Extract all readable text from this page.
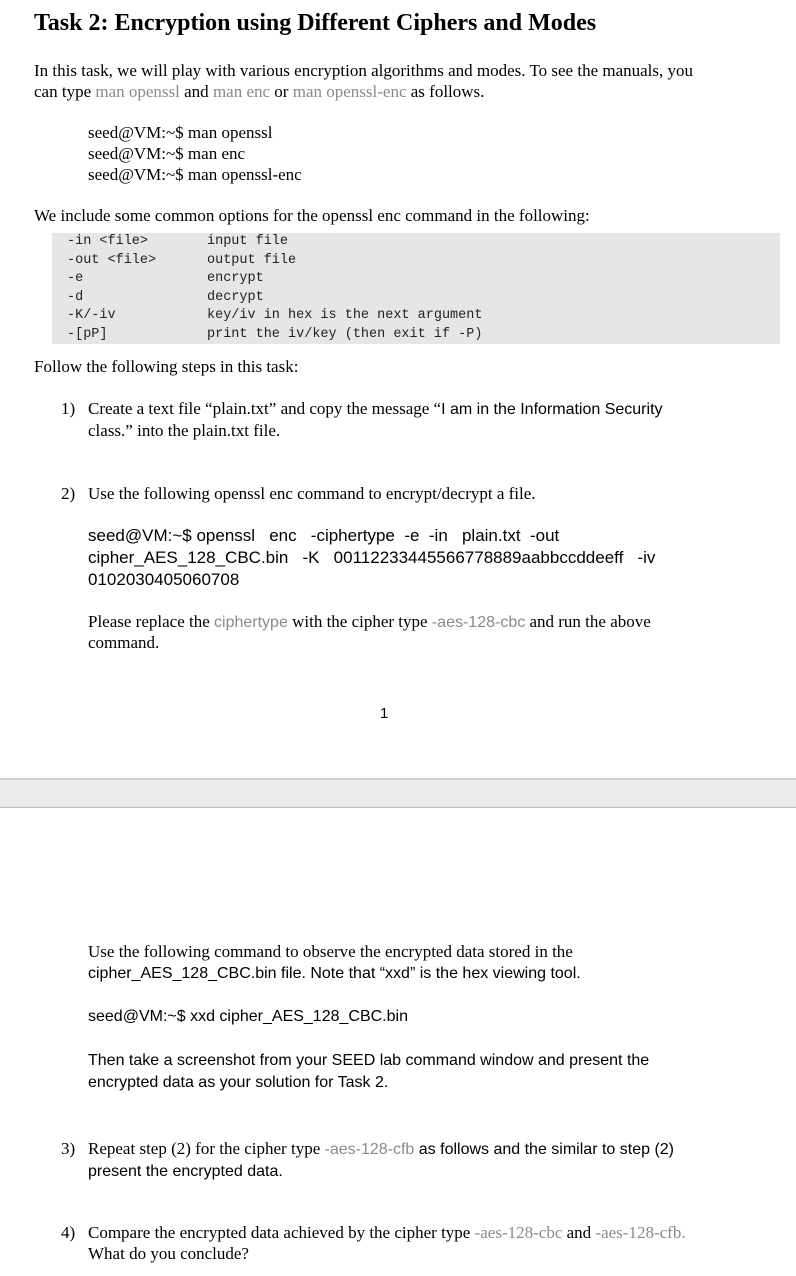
Task 2: Encryption using Different Ciphers and Modes
In this task, we will play with various encryption algorithms and modes. To see the manuals, you
can type man openssl and man enc or man openssl-enc as follows.
seed@VM:~$ man openssl
seed@VM:~$ man enc
seed@VM:~$ man openssl-enc
We include some common options for the openssl enc command in the following:
-in <file>	input file
-out <file>	output file
-e	encrypt
-d	decrypt
-K/-iv	key/iv in hex is the next argument
-[pP]	print the iv/key (then exit if -P)
Follow the following steps in this task:
1) Create a text file “plain.txt” and copy the message “I am in the Information Security
class.” into the plain.txt file.
2) Use the following openssl enc command to encrypt/decrypt a file.
seed@VM:~$ openssl   enc   -ciphertype  -e  -in   plain.txt  -out
cipher_AES_128_CBC.bin   -K   00112233445566778889aabbccddeeff   -iv
0102030405060708
Please replace the ciphertype with the cipher type -aes-128-cbc and run the above
command.
1
Use the following command to observe the encrypted data stored in the
cipher_AES_128_CBC.bin file. Note that “xxd” is the hex viewing tool.
seed@VM:~$ xxd cipher_AES_128_CBC.bin
Then take a screenshot from your SEED lab command window and present the
encrypted data as your solution for Task 2.
3) Repeat step (2) for the cipher type -aes-128-cfb as follows and the similar to step (2)
present the encrypted data.
4) Compare the encrypted data achieved by the cipher type -aes-128-cbc and -aes-128-cfb.
What do you conclude?
